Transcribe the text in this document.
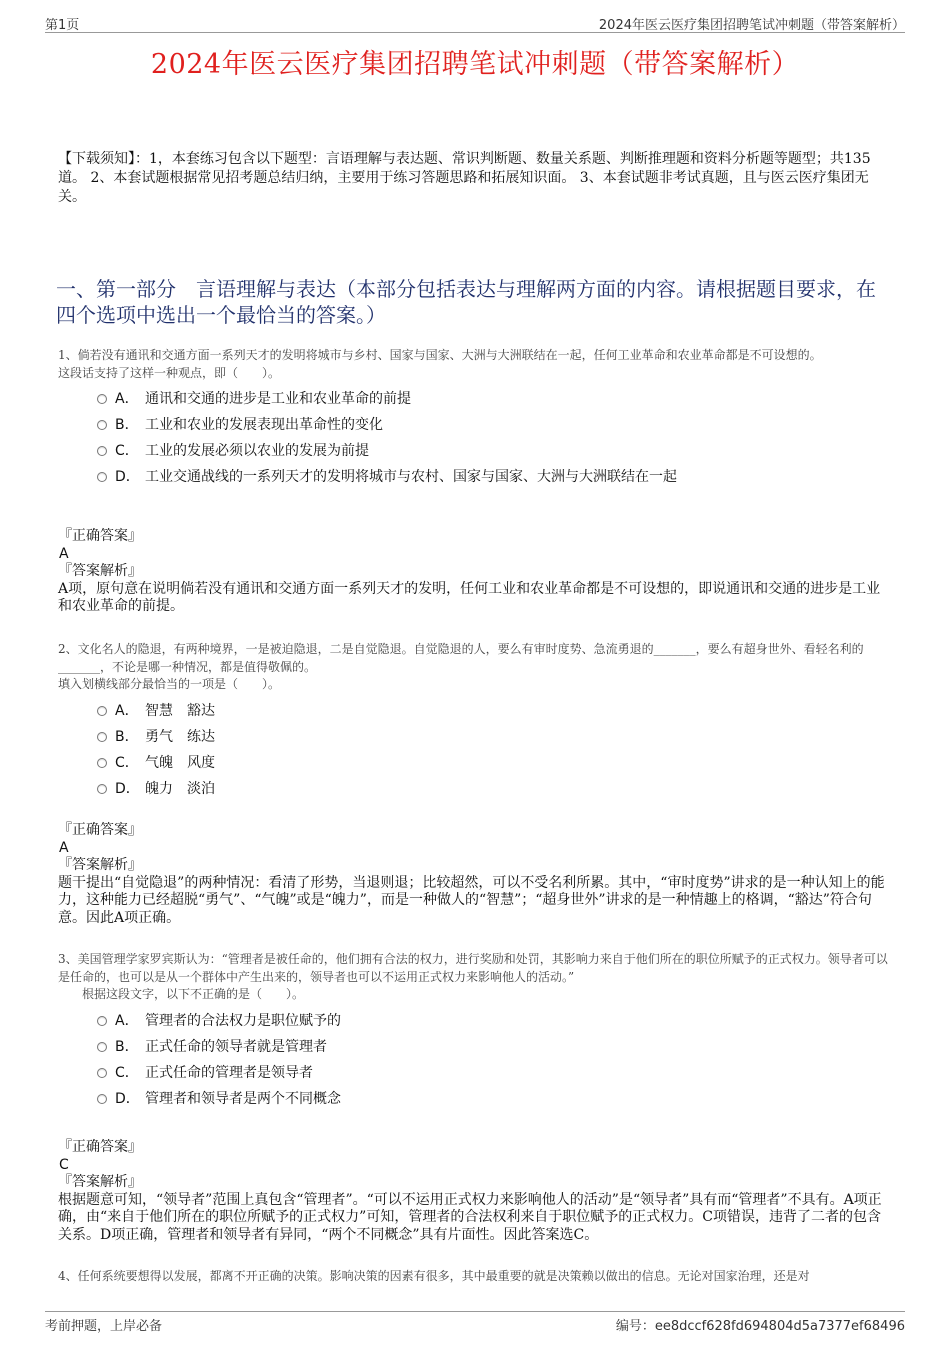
第1页	2024年医云医疗集团招聘笔试冲刺题（带答案解析）
2024年医云医疗集团招聘笔试冲刺题（带答案解析）
【下载须知】：1，本套练习包含以下题型：言语理解与表达题、常识判断题、数量关系题、判断推理题和资料分析题等题型；共135道。 2、本套试题根据常见招考题总结归纳，主要用于练习答题思路和拓展知识面。 3、本套试题非考试真题，且与医云医疗集团无关。
一、第一部分　言语理解与表达（本部分包括表达与理解两方面的内容。请根据题目要求，在四个选项中选出一个最恰当的答案。）

1、倘若没有通讯和交通方面一系列天才的发明将城市与乡村、国家与国家、大洲与大洲联结在一起，任何工业革命和农业革命都是不可设想的。

这段话支持了这样一种观点，即（　　）。

A． 通讯和交通的进步是工业和农业革命的前提
B． 工业和农业的发展表现出革命性的变化
C． 工业的发展必须以农业的发展为前提
D． 工业交通战线的一系列天才的发明将城市与农村、国家与国家、大洲与大洲联结在一起

『正确答案』

A

『答案解析』

A项，原句意在说明倘若没有通讯和交通方面一系列天才的发明，任何工业和农业革命都是不可设想的，即说通讯和交通的进步是工业和农业革命的前提。

2、文化名人的隐退，有两种境界，一是被迫隐退，二是自觉隐退。自觉隐退的人，要么有审时度势、急流勇退的_______，要么有超身世外、看轻名利的_______，不论是哪一种情况，都是值得敬佩的。

填入划横线部分最恰当的一项是（　　）。

A． 智慧　豁达
B． 勇气　练达
C． 气魄　风度
D． 魄力　淡泊

『正确答案』

A

『答案解析』

题干提出“自觉隐退”的两种情况：看清了形势，当退则退；比较超然，可以不受名利所累。其中，“审时度势”讲求的是一种认知上的能力，这种能力已经超脱“勇气”、“气魄”或是“魄力”，而是一种做人的“智慧”；“超身世外”讲求的是一种情趣上的格调，“豁达”符合句意。因此A项正确。

3、美国管理学家罗宾斯认为：“管理者是被任命的，他们拥有合法的权力，进行奖励和处罚，其影响力来自于他们所在的职位所赋予的正式权力。领导者可以是任命的，也可以是从一个群体中产生出来的，领导者也可以不运用正式权力来影响他人的活动。”

根据这段文字，以下不正确的是（　　）。

A． 管理者的合法权力是职位赋予的
B． 正式任命的领导者就是管理者
C． 正式任命的管理者是领导者
D． 管理者和领导者是两个不同概念

『正确答案』

C

『答案解析』

根据题意可知，“领导者”范围上真包含“管理者”。“可以不运用正式权力来影响他人的活动”是“领导者”具有而“管理者”不具有。A项正确，由“来自于他们所在的职位所赋予的正式权力”可知，管理者的合法权利来自于职位赋予的正式权力。C项错误，违背了二者的包含关系。D项正确，管理者和领导者有异同，“两个不同概念”具有片面性。因此答案选C。

4、任何系统要想得以发展，都离不开正确的决策。影响决策的因素有很多，其中最重要的就是决策赖以做出的信息。无论对国家治理，还是对

考前押题，上岸必备	编号：ee8dccf628fd694804d5a7377ef68496
